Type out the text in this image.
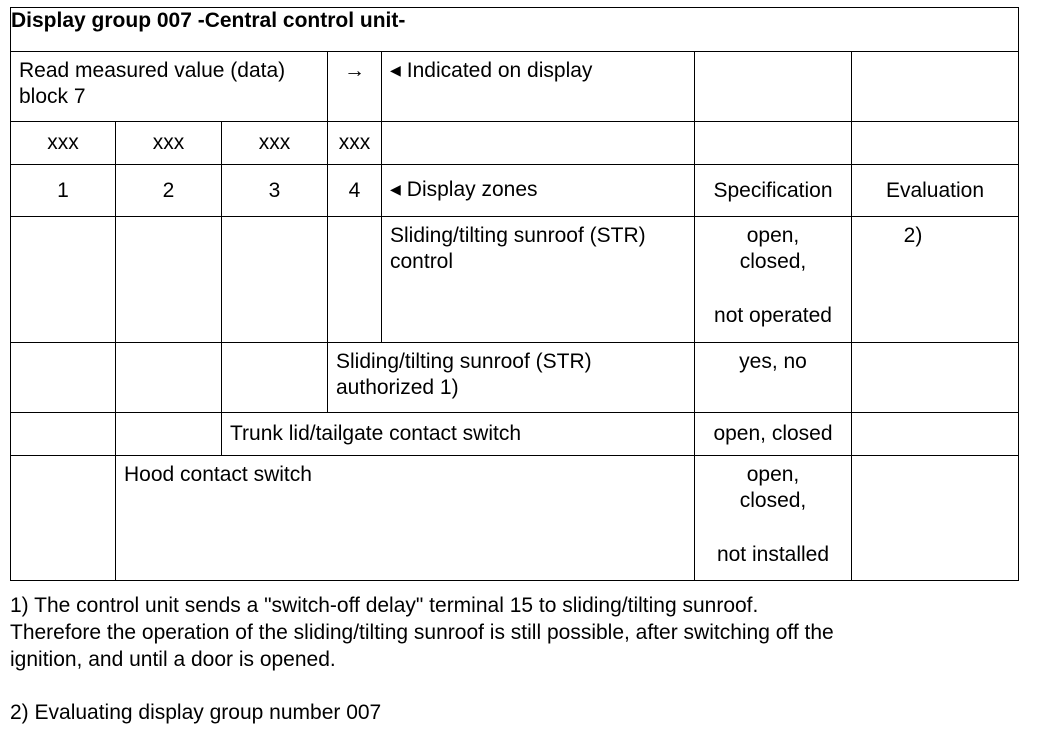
Display group 007 -Central control unit-						
Read measured value (data) block 7			→	◀ Indicated on display		
xxx	xxx	xxx	xxx			
1	2	3	4	◀ Display zones	Specification	Evaluation
				Sliding/tilting sunroof (STR) control	open,
closed,
not operated	2)
			Sliding/tilting sunroof (STR) authorized 1)		yes, no	
		Trunk lid/tailgate contact switch			open, closed	
	Hood contact switch				open,
closed,
not installed	

1) The control unit sends a "switch-off delay" terminal 15 to sliding/tilting sunroof.
Therefore the operation of the sliding/tilting sunroof is still possible, after switching off the
ignition, and until a door is opened.
2) Evaluating display group number 007
